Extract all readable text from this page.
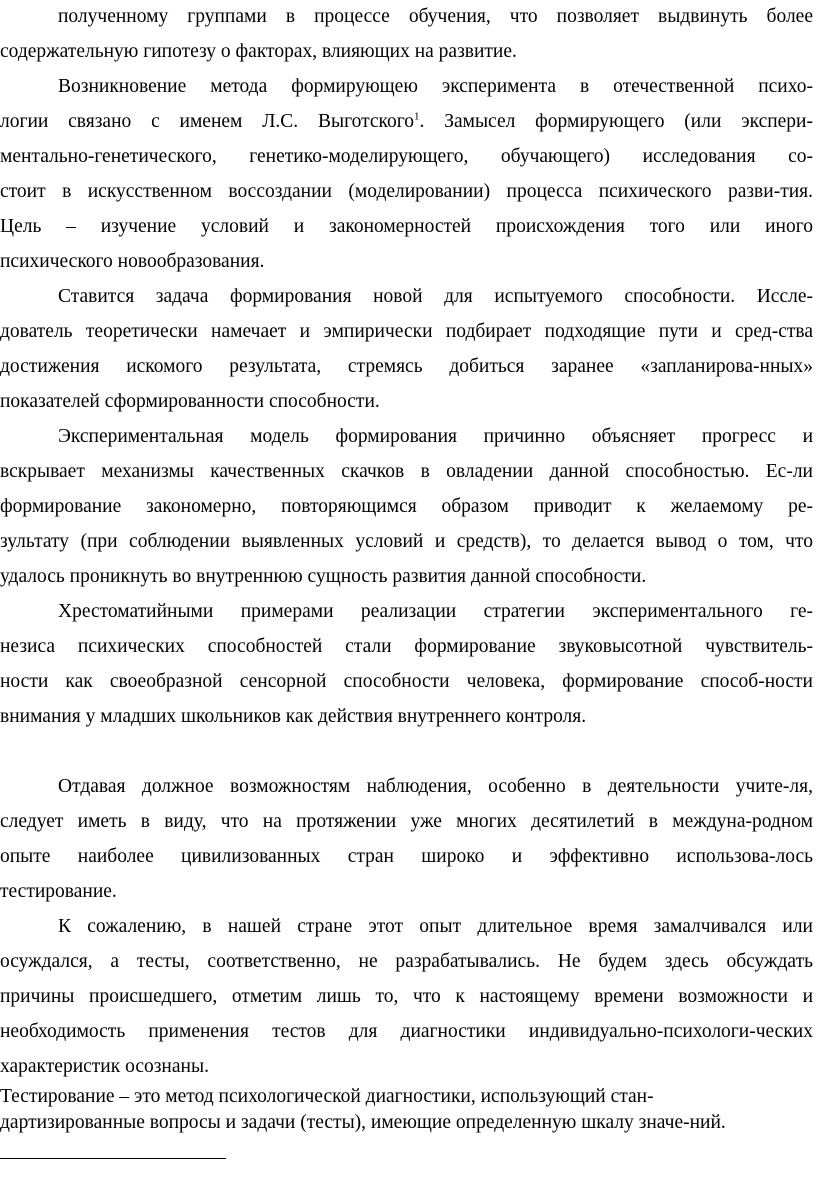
полученному группами в процессе обучения, что позволяет выдвинуть более
содержательную гипотезу о факторах, влияющих на развитие.
Возникновение метода формирующею эксперимента в отечественной психо-
логии связано с именем Л.С. Выготского$^1$. Замысел формирующего (или экспери-
ментально-генетического, генетико-моделирующего, обучающего) исследования со-
стоит в искусственном воссоздании (моделировании) процесса психического разви-тия.
Цель – изучение условий и закономерностей происхождения того или иного
психического новообразования.
Ставится задача формирования новой для испытуемого способности. Иссле-
дователь теоретически намечает и эмпирически подбирает подходящие пути и сред-ства
достижения искомого результата, стремясь добиться заранее «запланирова-нных»
показателей сформированности способности.
Экспериментальная модель формирования причинно объясняет прогресс и
вскрывает механизмы качественных скачков в овладении данной способностью. Ес-ли
формирование закономерно, повторяющимся образом приводит к желаемому ре-
зультату (при соблюдении выявленных условий и средств), то делается вывод о том, что
удалось проникнуть во внутреннюю сущность развития данной способности.
Хрестоматийными примерами реализации стратегии экспериментального ге-
незиса психических способностей стали формирование звуковысотной чувствитель-
ности как своеобразной сенсорной способности человека, формирование способ-ности
внимания у младших школьников как действия внутреннего контроля.
Отдавая должное возможностям наблюдения, особенно в деятельности учите-ля,
следует иметь в виду, что на протяжении уже многих десятилетий в междуна-родном
опыте наиболее цивилизованных стран широко и эффективно использова-лось
тестирование.
К сожалению, в нашей стране этот опыт длительное время замалчивался или
осуждался, а тесты, соответственно, не разрабатывались. Не будем здесь обсуждать
причины происшедшего, отметим лишь то, что к настоящему времени возможности и
необходимость применения тестов для диагностики индивидуально-психологи-ческих
характеристик осознаны.
Тестирование – это метод психологической диагностики, использующий стан-
дартизированные вопросы и задачи (тесты), имеющие определенную шкалу значе-ний.
